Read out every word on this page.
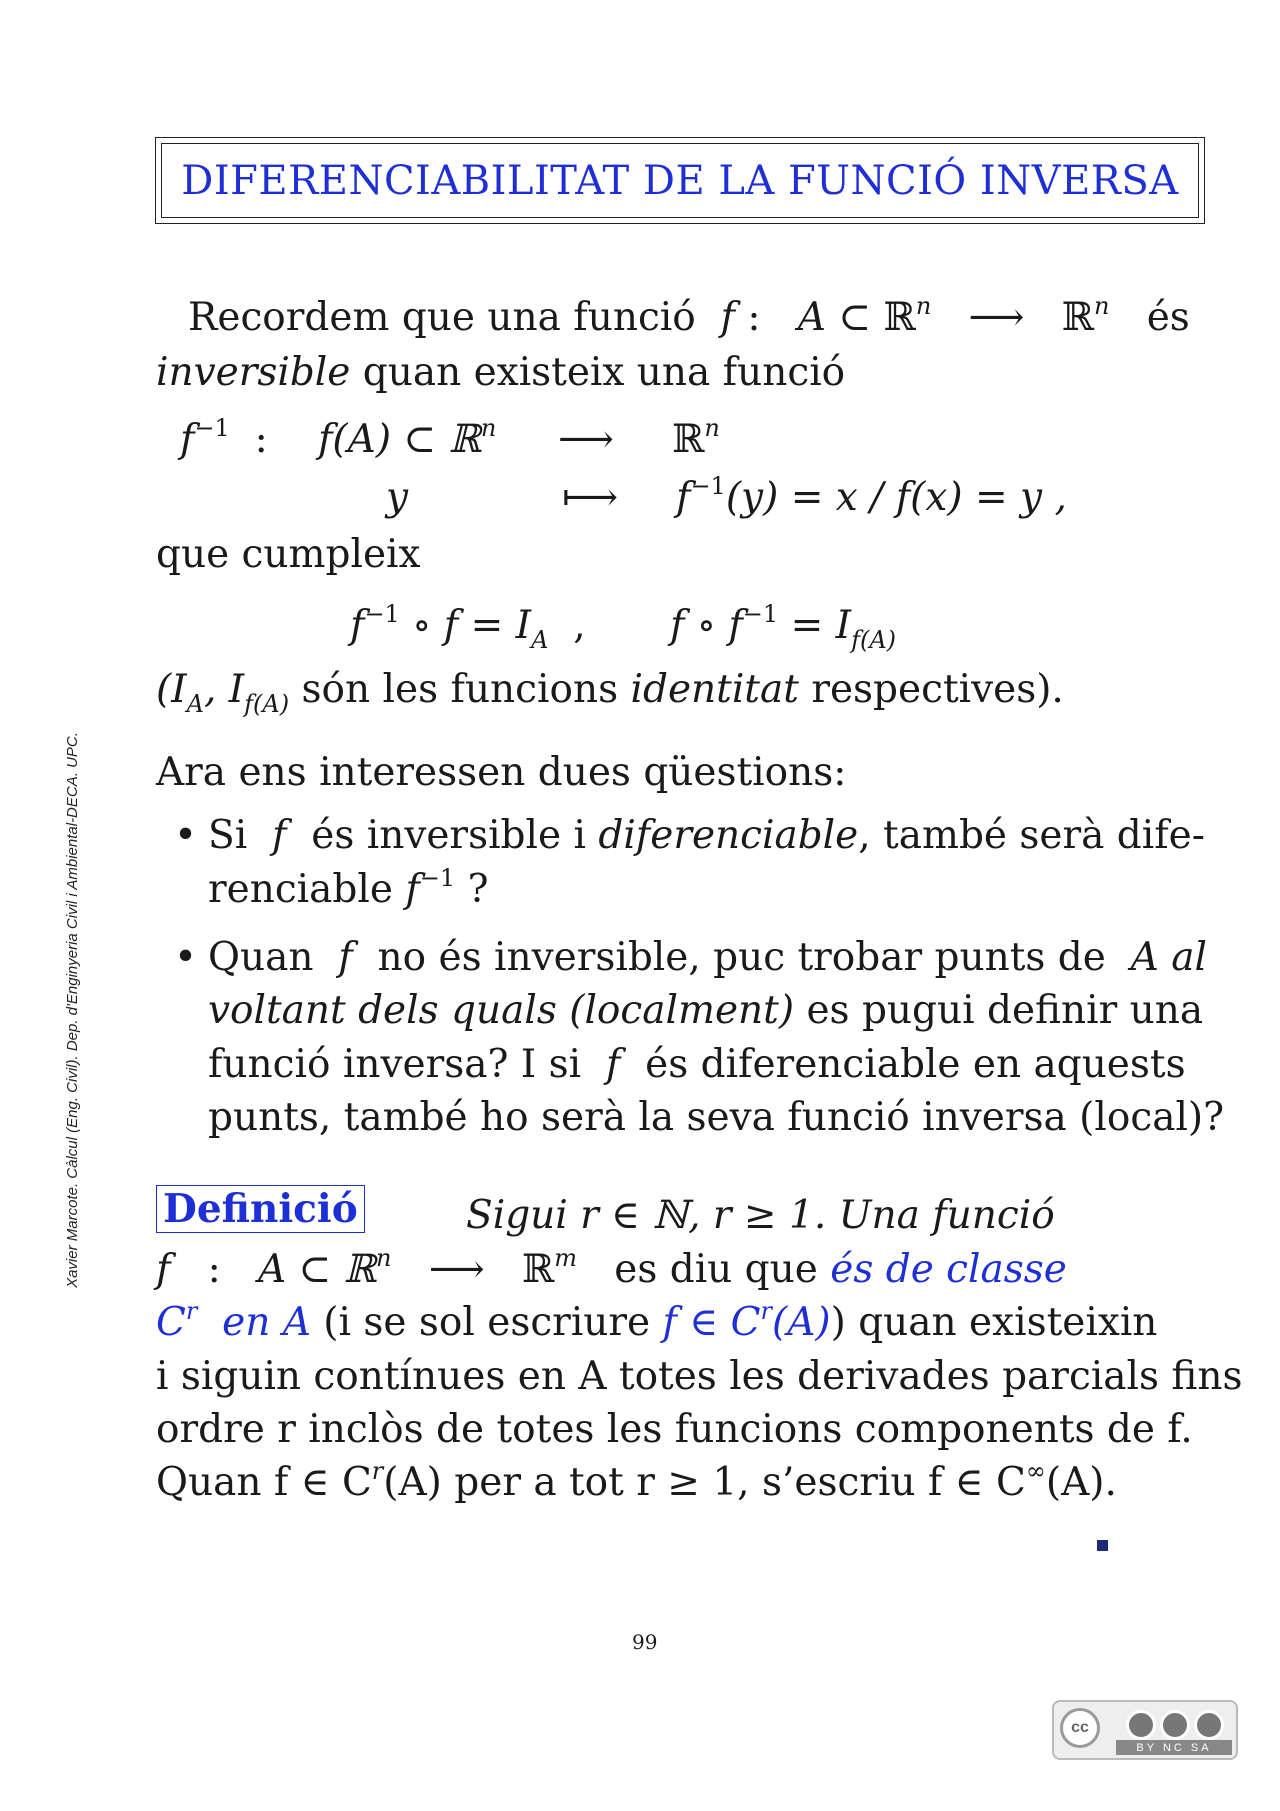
DIFERENCIABILITAT DE LA FUNCIÓ INVERSA
Xavier Marcote. Càlcul (Eng. Civil). Dep. d'Enginyeria Civil i Ambiental-DECA. UPC.
Recordem que una funció f : A ⊂ ℝ$^n$ ⟶ ℝ$^n$ és
inversible quan existeix una funció
$f^{-1}$ : f(A) ⊂ ℝ$^n$ ⟶ ℝ$^n$
y	⟼ $f^{-1}(y) = x / f(x) = y$ ,
que cumpleix
$f^{-1}$ ∘ $f = I_A$ , f ∘ $f^{-1} = I_{f(A)}$
($I_A$, $I_{f(A)}$ són les funcions identitat respectives).
Ara ens interessen dues qüestions:
• Si f és inversible i diferenciable, també serà dife-
renciable $f^{-1}$ ?
• Quan f no és inversible, puc trobar punts de A al
voltant dels quals (localment) es pugui definir una
funció inversa? I si f és diferenciable en aquests
punts, també ho serà la seva funció inversa (local)?
Definició	Sigui r ∈ ℕ, r ≥ 1. Una funció
f : A ⊂ ℝ$^n$ ⟶ ℝ$^m$ es diu que és de classe
$C^r$ en A (i se sol escriure f ∈ $C^r(A)$) quan existeixin
i siguin contínues en A totes les derivades parcials fins
ordre r inclòs de totes les funcions components de f.
Quan f ∈ $C^r(A)$ per a tot r ≥ 1, s’escriu f ∈ C∞(A).
99
cc
BY NC SA
